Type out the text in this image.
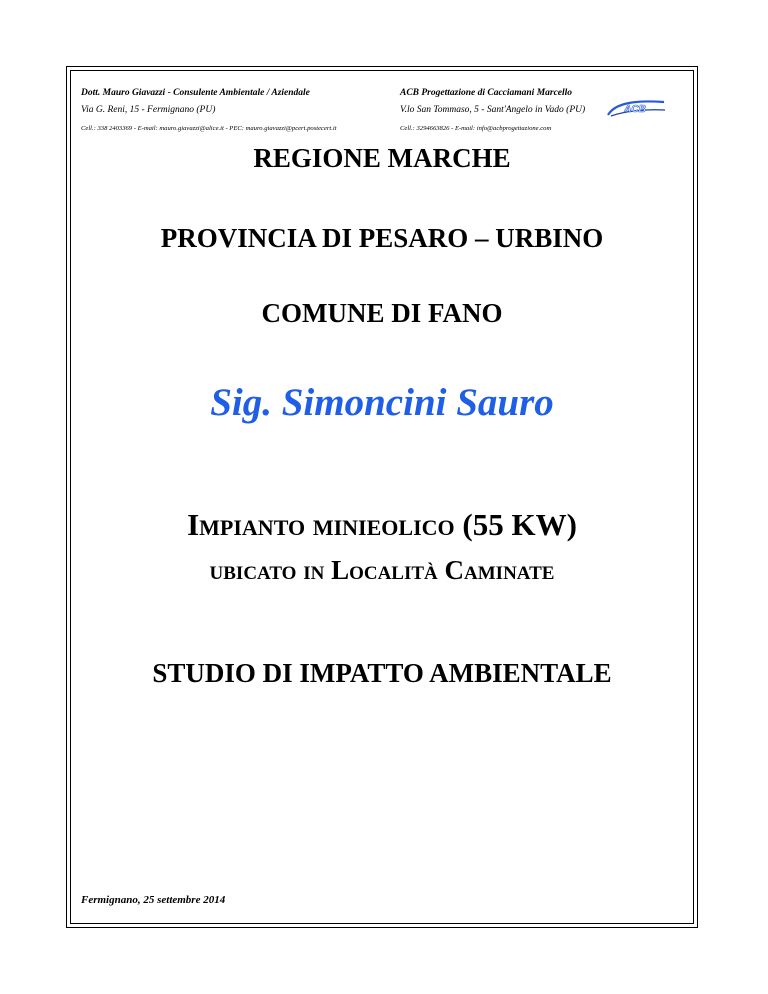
Dott. Mauro Giavazzi - Consulente Ambientale / Aziendale
Via G. Reni, 15 - Fermignano (PU)
Cell.: 338 2403369 - E-mail: mauro.giavazzi@alice.it - PEC: mauro.giavazzi@pcert.postecert.it
ACB Progettazione di Cacciamani Marcello
V.lo San Tommaso, 5 - Sant'Angelo in Vado (PU)
Cell.: 3294663826 - E-mail: info@acbprogettazione.com
ACB
REGIONE MARCHE
PROVINCIA DI PESARO – URBINO
COMUNE DI FANO
Sig. Simoncini Sauro
Impianto minieolico (55 KW)
ubicato in Località Caminate
STUDIO DI IMPATTO AMBIENTALE
Fermignano, 25 settembre 2014
